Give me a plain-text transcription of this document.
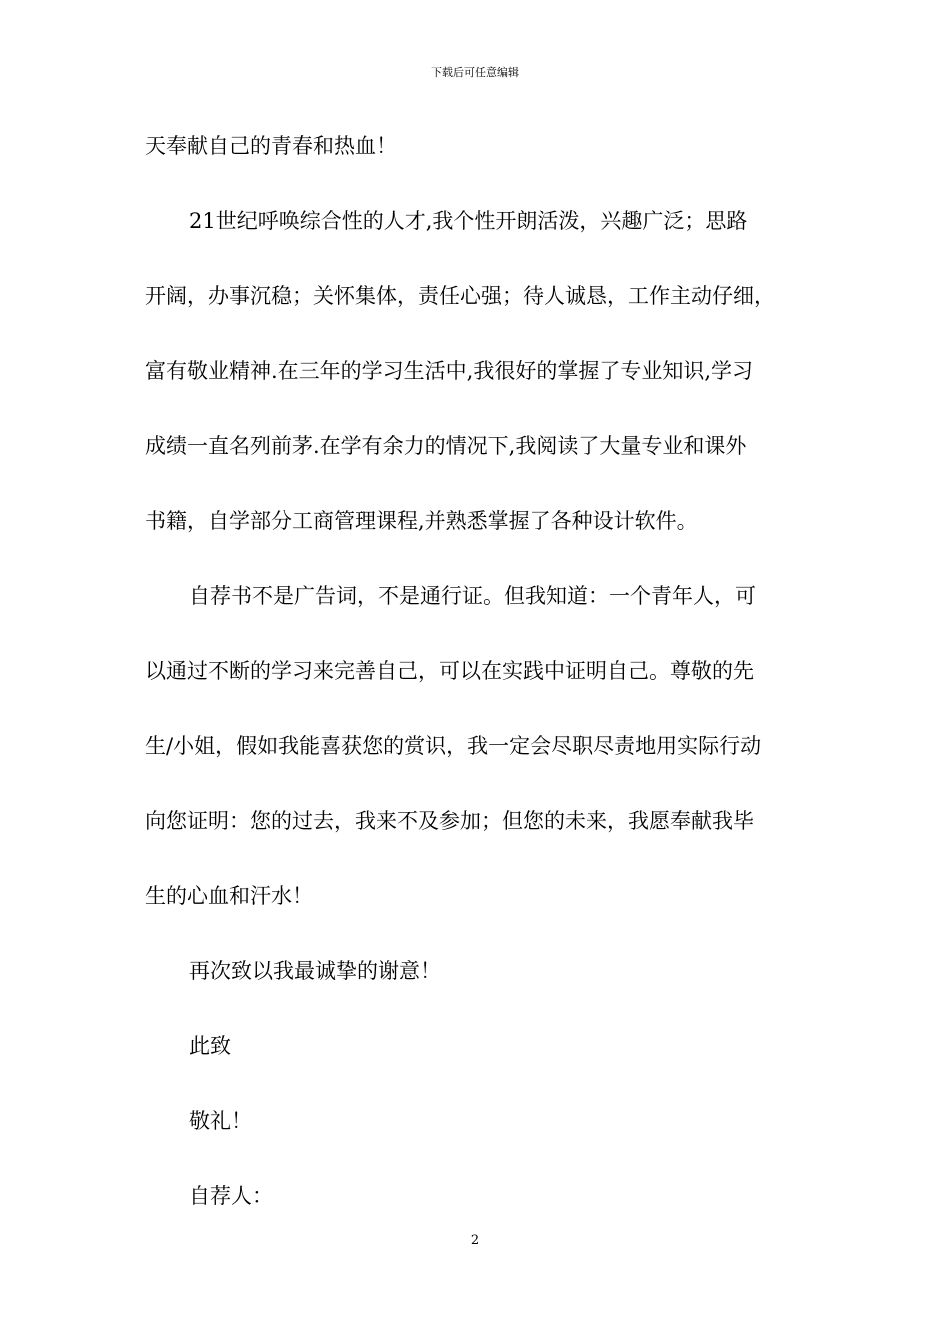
下载后可任意编辑
天奉献自己的青春和热血！
21世纪呼唤综合性的人才,我个性开朗活泼，兴趣广泛；思路
开阔，办事沉稳；关怀集体，责任心强；待人诚恳，工作主动仔细，
富有敬业精神.在三年的学习生活中,我很好的掌握了专业知识,学习
成绩一直名列前茅.在学有余力的情况下,我阅读了大量专业和课外
书籍，自学部分工商管理课程,并熟悉掌握了各种设计软件。
自荐书不是广告词，不是通行证。但我知道：一个青年人，可
以通过不断的学习来完善自己，可以在实践中证明自己。尊敬的先
生/小姐，假如我能喜获您的赏识，我一定会尽职尽责地用实际行动
向您证明：您的过去，我来不及参加；但您的未来，我愿奉献我毕
生的心血和汗水！
再次致以我最诚挚的谢意！
此致
敬礼！
自荐人：
2
